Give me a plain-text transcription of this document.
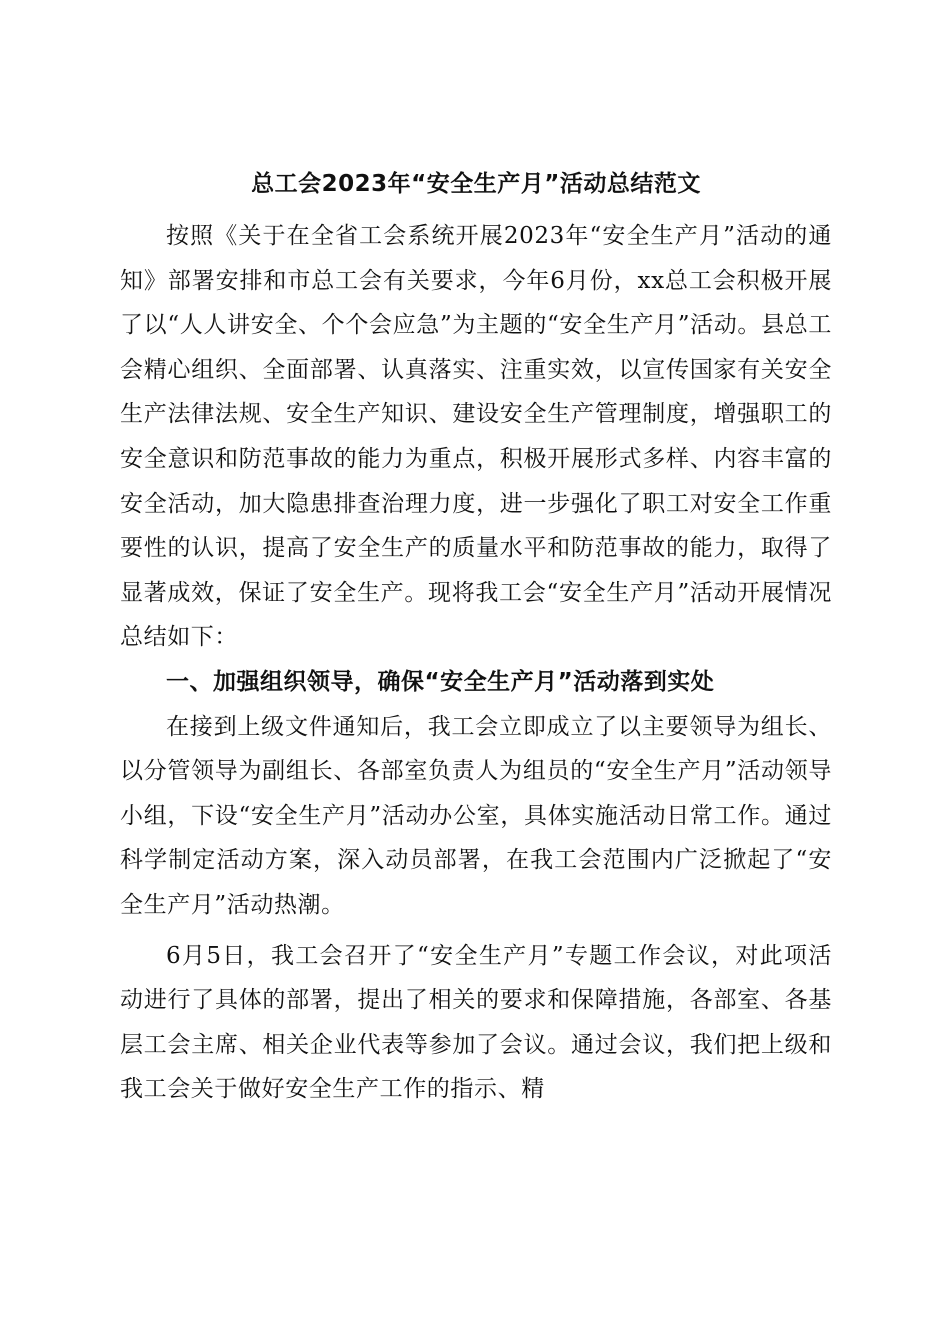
总工会2023年“安全生产月”活动总结范文

按照《关于在全省工会系统开展2023年“安全生产月”活动的通知》部署安排和市总工会有关要求，今年6月份，xx总工会积极开展了以“人人讲安全、个个会应急”为主题的“安全生产月”活动。县总工会精心组织、全面部署、认真落实、注重实效，以宣传国家有关安全生产法律法规、安全生产知识、建设安全生产管理制度，增强职工的安全意识和防范事故的能力为重点，积极开展形式多样、内容丰富的安全活动，加大隐患排查治理力度，进一步强化了职工对安全工作重要性的认识，提高了安全生产的质量水平和防范事故的能力，取得了显著成效，保证了安全生产。现将我工会“安全生产月”活动开展情况总结如下：

一、加强组织领导，确保“安全生产月”活动落到实处

在接到上级文件通知后，我工会立即成立了以主要领导为组长、以分管领导为副组长、各部室负责人为组员的“安全生产月”活动领导小组，下设“安全生产月”活动办公室，具体实施活动日常工作。通过科学制定活动方案，深入动员部署，在我工会范围内广泛掀起了“安全生产月”活动热潮。

6月5日，我工会召开了“安全生产月”专题工作会议，对此项活动进行了具体的部署，提出了相关的要求和保障措施，各部室、各基层工会主席、相关企业代表等参加了会议。通过会议，我们把上级和我工会关于做好安全生产工作的指示、精
